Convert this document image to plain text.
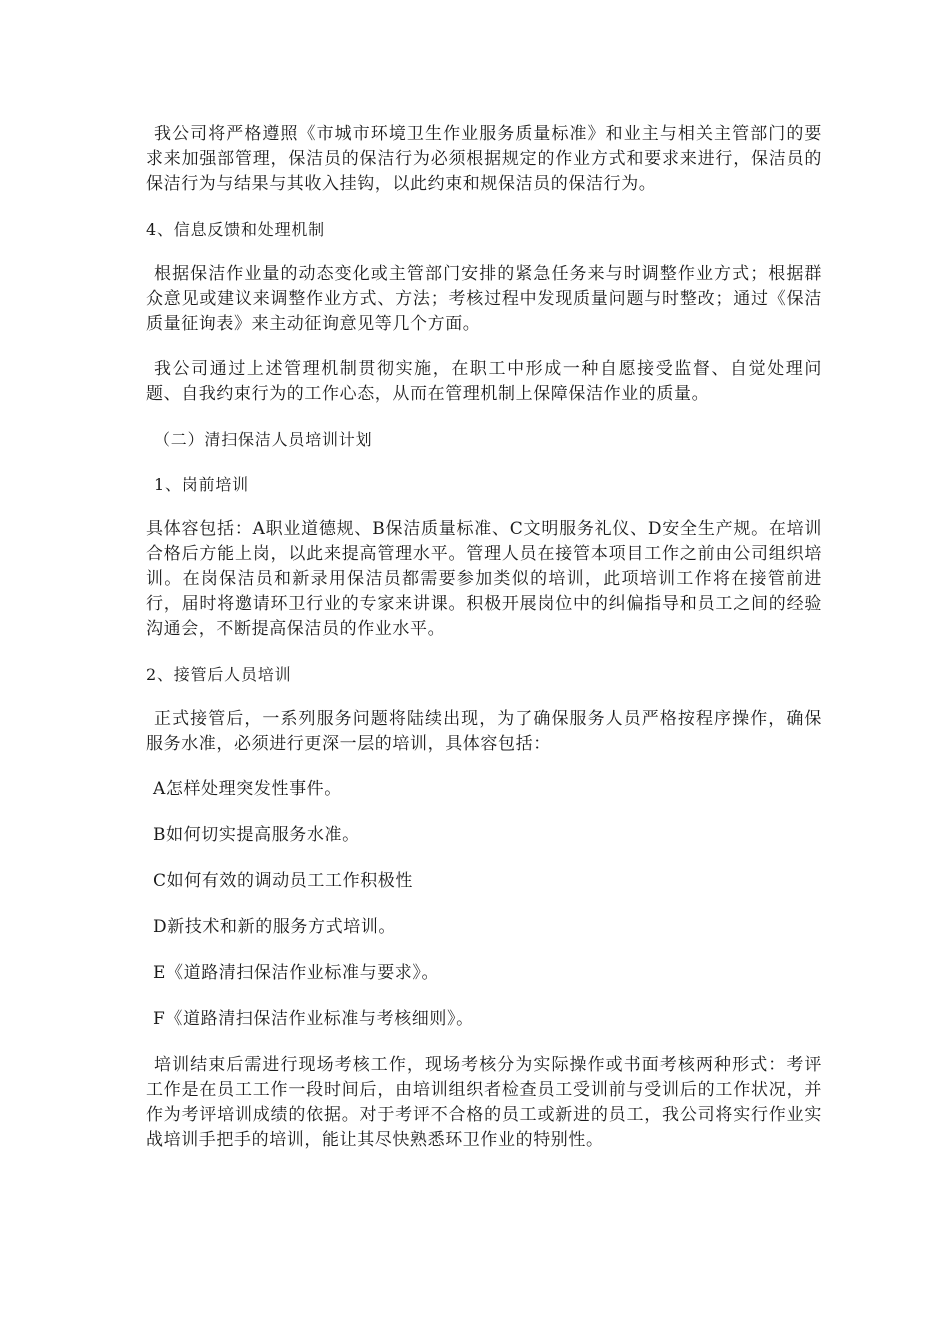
我公司将严格遵照《市城市环境卫生作业服务质量标准》和业主与相关主管部门的要求来加强部管理，保洁员的保洁行为必须根据规定的作业方式和要求来进行，保洁员的保洁行为与结果与其收入挂钩，以此约束和规保洁员的保洁行为。

4、信息反馈和处理机制

根据保洁作业量的动态变化或主管部门安排的紧急任务来与时调整作业方式；根据群众意见或建议来调整作业方式、方法；考核过程中发现质量问题与时整改；通过《保洁质量征询表》来主动征询意见等几个方面。

我公司通过上述管理机制贯彻实施，在职工中形成一种自愿接受监督、自觉处理问题、自我约束行为的工作心态，从而在管理机制上保障保洁作业的质量。

（二）清扫保洁人员培训计划

1、岗前培训

具体容包括：A职业道德规、B保洁质量标准、C文明服务礼仪、D安全生产规。在培训合格后方能上岗，以此来提高管理水平。管理人员在接管本项目工作之前由公司组织培训。在岗保洁员和新录用保洁员都需要参加类似的培训，此项培训工作将在接管前进行，届时将邀请环卫行业的专家来讲课。积极开展岗位中的纠偏指导和员工之间的经验沟通会，不断提高保洁员的作业水平。

2、接管后人员培训

正式接管后，一系列服务问题将陆续出现，为了确保服务人员严格按程序操作，确保服务水准，必须进行更深一层的培训，具体容包括：

A怎样处理突发性事件。

B如何切实提高服务水准。

C如何有效的调动员工工作积极性

D新技术和新的服务方式培训。

E《道路清扫保洁作业标准与要求》。

F《道路清扫保洁作业标准与考核细则》。

培训结束后需进行现场考核工作，现场考核分为实际操作或书面考核两种形式：考评工作是在员工工作一段时间后，由培训组织者检查员工受训前与受训后的工作状况，并作为考评培训成绩的依据。对于考评不合格的员工或新进的员工，我公司将实行作业实战培训手把手的培训，能让其尽快熟悉环卫作业的特别性。
